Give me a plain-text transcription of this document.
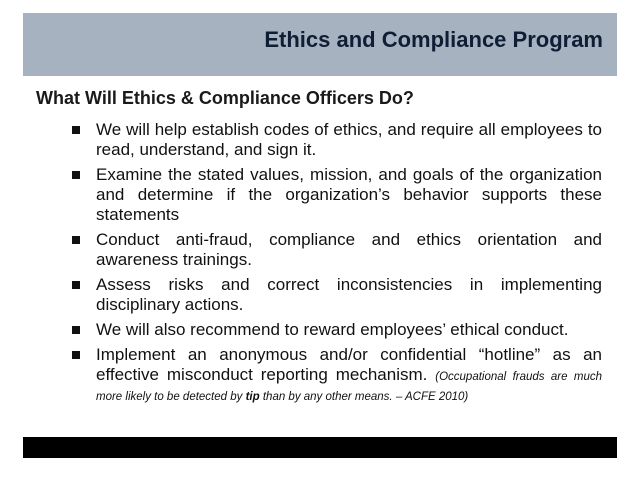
Ethics and Compliance Program
What Will Ethics & Compliance Officers Do?
We will help establish codes of ethics, and require all employees to read, understand, and sign it.
Examine the stated values, mission, and goals of the organization and determine if the organization’s behavior supports these statements
Conduct anti-fraud, compliance and ethics orientation and awareness trainings.
Assess risks and correct inconsistencies in implementing disciplinary actions.
We will also recommend to reward employees’ ethical conduct.
Implement an anonymous and/or confidential “hotline” as an effective misconduct reporting mechanism. (Occupational frauds are much more likely to be detected by tip than by any other means. – ACFE 2010)
